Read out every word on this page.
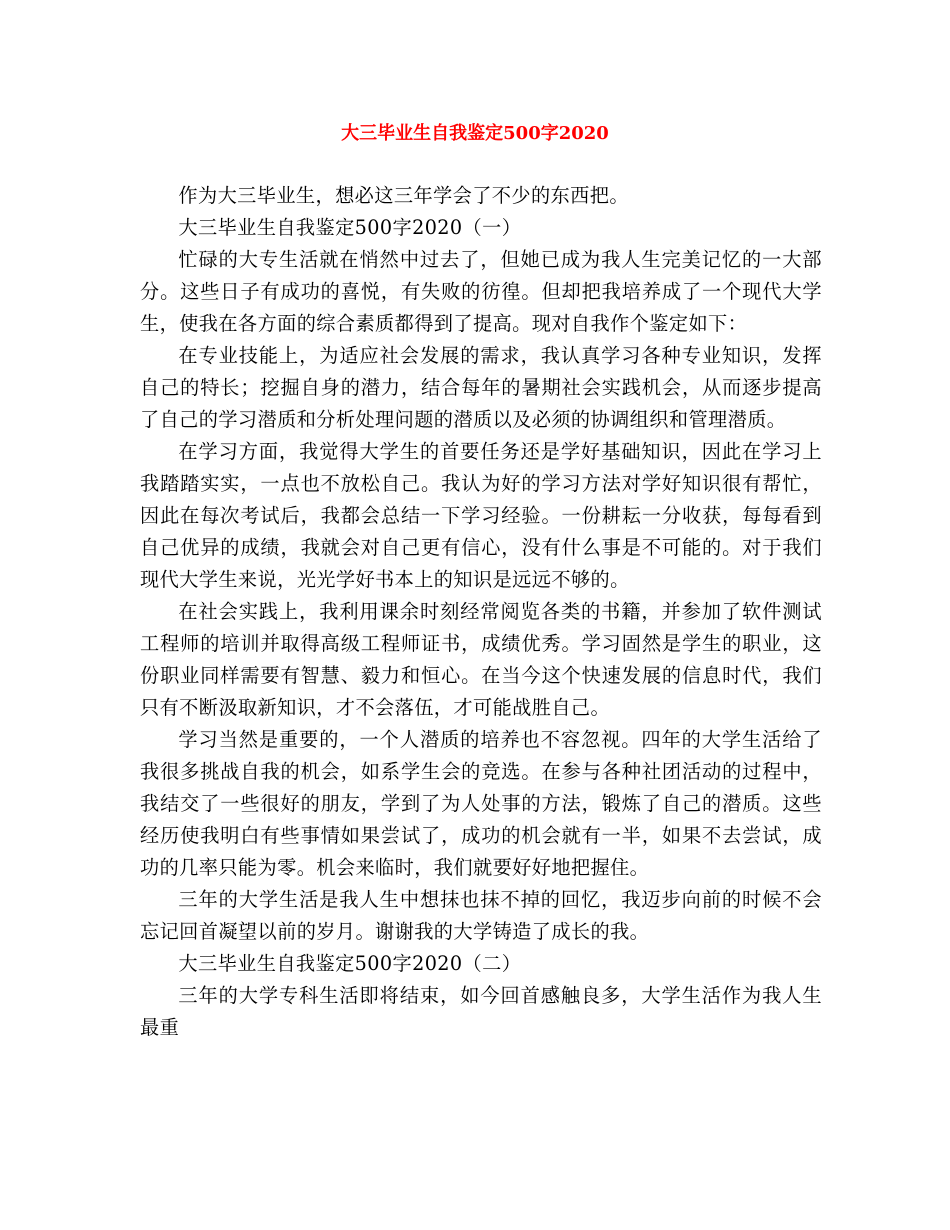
大三毕业生自我鉴定500字2020

作为大三毕业生，想必这三年学会了不少的东西把。

大三毕业生自我鉴定500字2020（一）

忙碌的大专生活就在悄然中过去了，但她已成为我人生完美记忆的一大部分。这些日子有成功的喜悦，有失败的彷徨。但却把我培养成了一个现代大学生，使我在各方面的综合素质都得到了提高。现对自我作个鉴定如下：

在专业技能上，为适应社会发展的需求，我认真学习各种专业知识，发挥自己的特长；挖掘自身的潜力，结合每年的暑期社会实践机会，从而逐步提高了自己的学习潜质和分析处理问题的潜质以及必须的协调组织和管理潜质。

在学习方面，我觉得大学生的首要任务还是学好基础知识，因此在学习上我踏踏实实，一点也不放松自己。我认为好的学习方法对学好知识很有帮忙，因此在每次考试后，我都会总结一下学习经验。一份耕耘一分收获，每每看到自己优异的成绩，我就会对自己更有信心，没有什么事是不可能的。对于我们现代大学生来说，光光学好书本上的知识是远远不够的。

在社会实践上，我利用课余时刻经常阅览各类的书籍，并参加了软件测试工程师的培训并取得高级工程师证书，成绩优秀。学习固然是学生的职业，这份职业同样需要有智慧、毅力和恒心。在当今这个快速发展的信息时代，我们只有不断汲取新知识，才不会落伍，才可能战胜自己。

学习当然是重要的，一个人潜质的培养也不容忽视。四年的大学生活给了我很多挑战自我的机会，如系学生会的竞选。在参与各种社团活动的过程中，我结交了一些很好的朋友，学到了为人处事的方法，锻炼了自己的潜质。这些经历使我明白有些事情如果尝试了，成功的机会就有一半，如果不去尝试，成功的几率只能为零。机会来临时，我们就要好好地把握住。

三年的大学生活是我人生中想抹也抹不掉的回忆，我迈步向前的时候不会忘记回首凝望以前的岁月。谢谢我的大学铸造了成长的我。

大三毕业生自我鉴定500字2020（二）

三年的大学专科生活即将结束，如今回首感触良多，大学生活作为我人生最重
